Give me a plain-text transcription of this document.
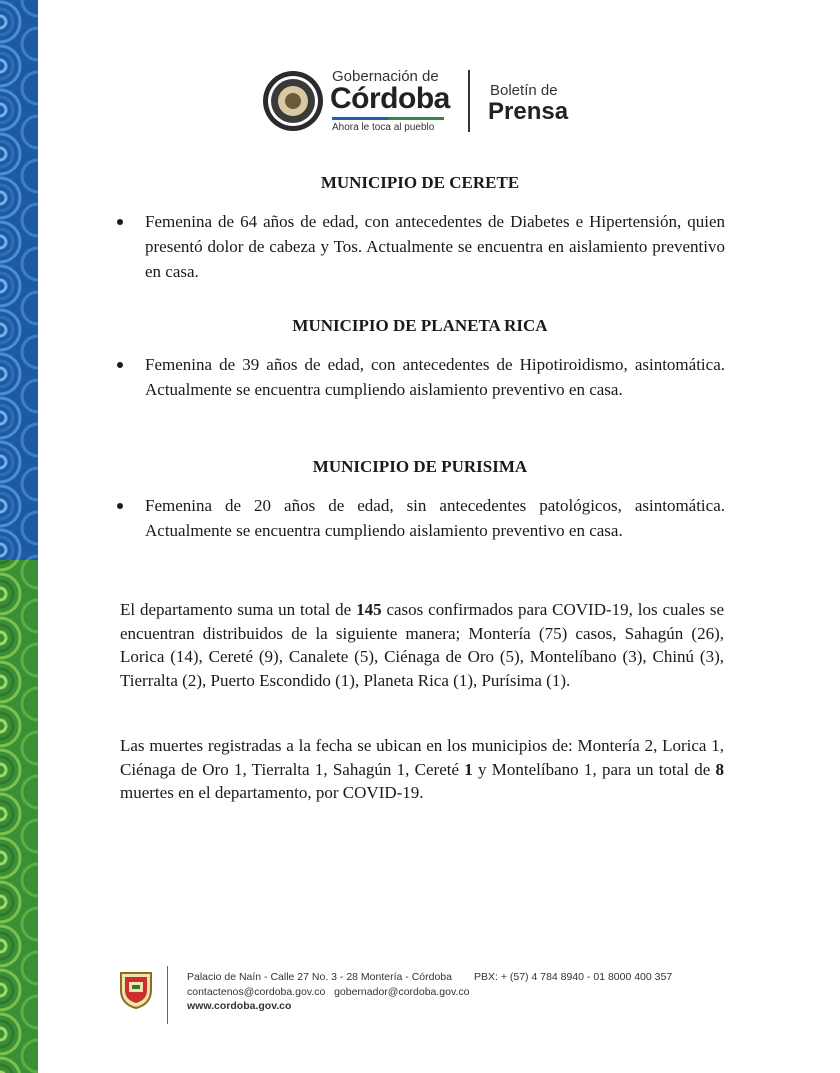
Gobernación de
Córdoba
Ahora le toca al pueblo
Boletín de
Prensa
MUNICIPIO DE CERETE
Femenina de 64 años de edad, con antecedentes de Diabetes e Hipertensión, quien presentó dolor de cabeza y Tos. Actualmente se encuentra en aislamiento preventivo en casa.
MUNICIPIO DE PLANETA RICA
Femenina de 39 años de edad, con antecedentes de Hipotiroidismo, asintomática. Actualmente se encuentra cumpliendo aislamiento preventivo en casa.
MUNICIPIO DE PURISIMA
Femenina de 20 años de edad, sin antecedentes patológicos, asintomática. Actualmente se encuentra cumpliendo aislamiento preventivo en casa.
El departamento suma un total de 145 casos confirmados para COVID-19, los cuales se encuentran distribuidos de la siguiente manera; Montería (75) casos, Sahagún (26), Lorica (14), Cereté (9), Canalete (5), Ciénaga de Oro (5), Montelíbano (3), Chinú (3), Tierralta (2), Puerto Escondido (1), Planeta Rica (1), Purísima (1).
Las muertes registradas a la fecha se ubican en los municipios de: Montería 2, Lorica 1, Ciénaga de Oro 1, Tierralta 1, Sahagún 1, Cereté 1 y Montelíbano 1, para un total de 8 muertes en el departamento, por COVID-19.
Palacio de Naín - Calle 27 No. 3 - 28 Montería - Córdoba PBX: + (57) 4 784 8940 - 01 8000 400 357
contactenos@cordoba.gov.co gobernador@cordoba.gov.co
www.cordoba.gov.co
